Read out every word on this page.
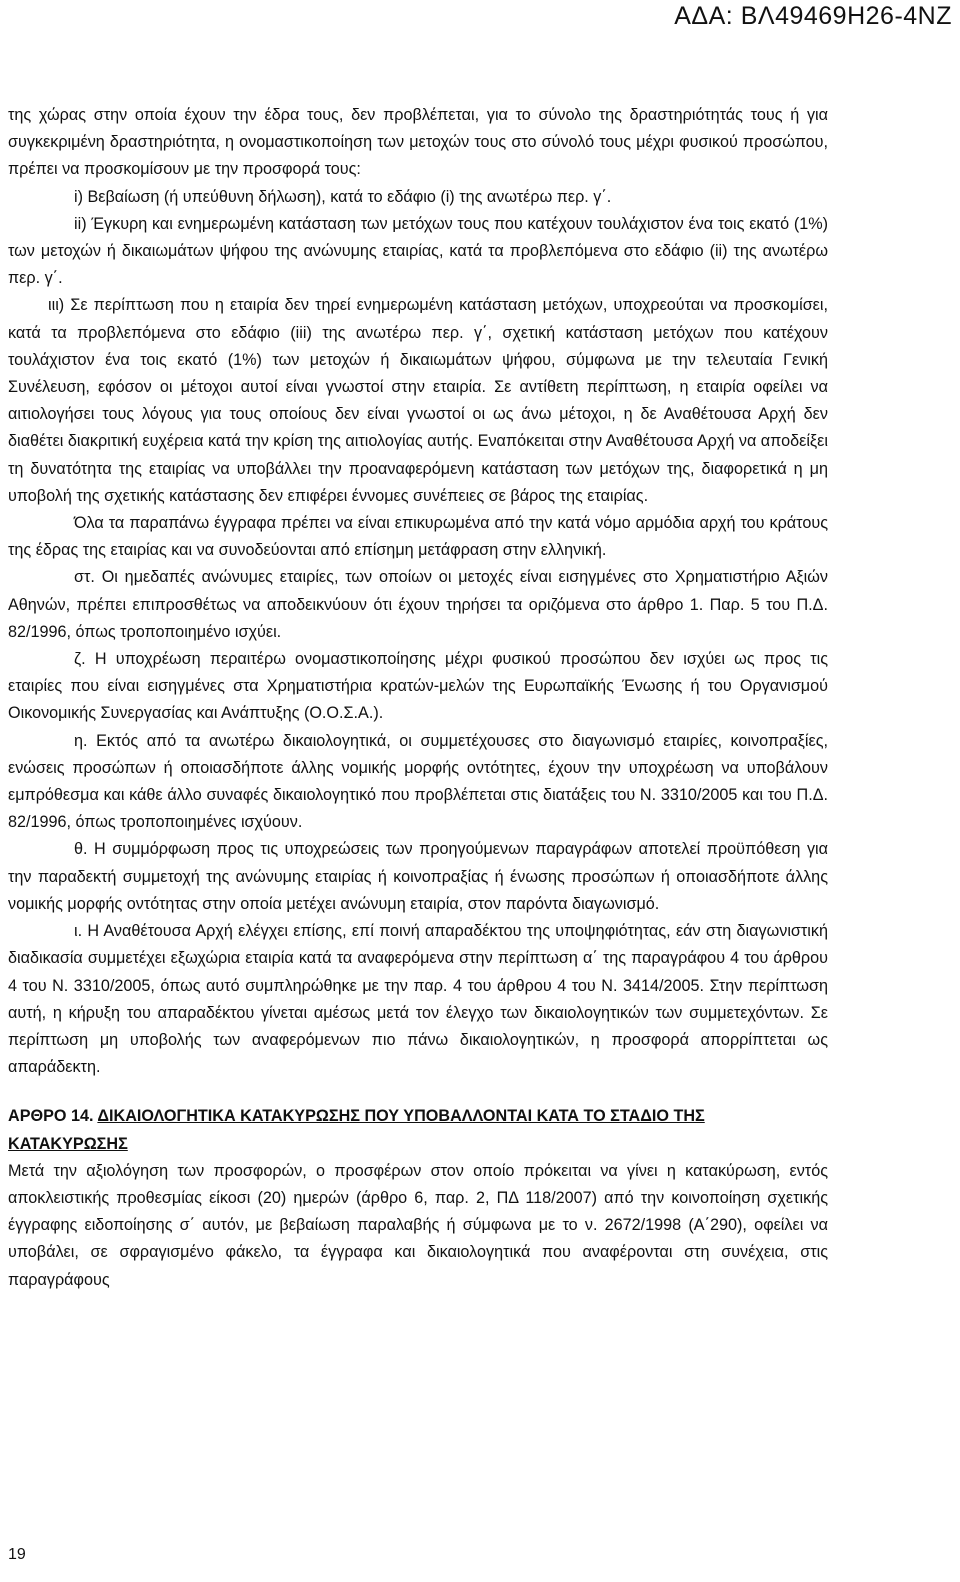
ΑΔΑ: ΒΛ49469Η26-4ΝΖ

της χώρας στην οποία έχουν την έδρα τους, δεν προβλέπεται, για το σύνολο της δραστηριότητάς τους ή για συγκεκριμένη δραστηριότητα, η ονομαστικοποίηση των μετοχών τους στο σύνολό τους μέχρι φυσικού προσώπου, πρέπει να προσκομίσουν με την προσφορά τους:

i) Βεβαίωση (ή υπεύθυνη δήλωση), κατά το εδάφιο (i) της ανωτέρω περ. γ΄.

ii) Έγκυρη και ενημερωμένη κατάσταση των μετόχων τους που κατέχουν τουλάχιστον ένα τοις εκατό (1%) των μετοχών ή δικαιωμάτων ψήφου της ανώνυμης εταιρίας, κατά τα προβλεπόμενα στο εδάφιο (ii) της ανωτέρω περ. γ΄.

ιιι) Σε περίπτωση που η εταιρία δεν τηρεί ενημερωμένη κατάσταση μετόχων, υποχρεούται να προσκομίσει, κατά τα προβλεπόμενα στο εδάφιο (iii) της ανωτέρω περ. γ΄, σχετική κατάσταση μετόχων που κατέχουν τουλάχιστον ένα τοις εκατό (1%) των μετοχών ή δικαιωμάτων ψήφου, σύμφωνα με την τελευταία Γενική Συνέλευση, εφόσον οι μέτοχοι αυτοί είναι γνωστοί στην εταιρία. Σε αντίθετη περίπτωση, η εταιρία οφείλει να αιτιολογήσει τους λόγους για τους οποίους δεν είναι γνωστοί οι ως άνω μέτοχοι, η δε Αναθέτουσα Αρχή δεν διαθέτει διακριτική ευχέρεια κατά την κρίση της αιτιολογίας αυτής. Εναπόκειται στην Αναθέτουσα Αρχή να αποδείξει τη δυνατότητα της εταιρίας να υποβάλλει την προαναφερόμενη κατάσταση των μετόχων της, διαφορετικά η μη υποβολή της σχετικής κατάστασης δεν επιφέρει έννομες συνέπειες σε βάρος της εταιρίας.

Όλα τα παραπάνω έγγραφα πρέπει να είναι επικυρωμένα από την κατά νόμο αρμόδια αρχή του κράτους της έδρας της εταιρίας και να συνοδεύονται από επίσημη μετάφραση στην ελληνική.

στ. Οι ημεδαπές ανώνυμες εταιρίες, των οποίων οι μετοχές είναι εισηγμένες στο Χρηματιστήριο Αξιών Αθηνών, πρέπει επιπροσθέτως να αποδεικνύουν ότι έχουν τηρήσει τα οριζόμενα στο άρθρο 1. Παρ. 5 του Π.Δ. 82/1996, όπως τροποποιημένο ισχύει.

ζ. Η υποχρέωση περαιτέρω ονομαστικοποίησης μέχρι φυσικού προσώπου δεν ισχύει ως προς τις εταιρίες που είναι εισηγμένες στα Χρηματιστήρια κρατών-μελών της Ευρωπαϊκής Ένωσης ή του Οργανισμού Οικονομικής Συνεργασίας και Ανάπτυξης (Ο.Ο.Σ.Α.).

η. Εκτός από τα ανωτέρω δικαιολογητικά, οι συμμετέχουσες στο διαγωνισμό εταιρίες, κοινοπραξίες, ενώσεις προσώπων ή οποιασδήποτε άλλης νομικής μορφής οντότητες, έχουν την υποχρέωση να υποβάλουν εμπρόθεσμα και κάθε άλλο συναφές δικαιολογητικό που προβλέπεται στις διατάξεις του Ν. 3310/2005 και του Π.Δ. 82/1996, όπως τροποποιημένες ισχύουν.

θ. Η συμμόρφωση προς τις υποχρεώσεις των προηγούμενων παραγράφων αποτελεί προϋπόθεση για την παραδεκτή συμμετοχή της ανώνυμης εταιρίας ή κοινοπραξίας ή ένωσης προσώπων ή οποιασδήποτε άλλης νομικής μορφής οντότητας στην οποία μετέχει ανώνυμη εταιρία, στον παρόντα διαγωνισμό.

ι. Η Αναθέτουσα Αρχή ελέγχει επίσης, επί ποινή απαραδέκτου της υποψηφιότητας, εάν στη διαγωνιστική διαδικασία συμμετέχει εξωχώρια εταιρία κατά τα αναφερόμενα στην περίπτωση α΄ της παραγράφου 4 του άρθρου 4 του Ν. 3310/2005, όπως αυτό συμπληρώθηκε με την παρ. 4 του άρθρου 4 του Ν. 3414/2005. Στην περίπτωση αυτή, η κήρυξη του απαραδέκτου γίνεται αμέσως μετά τον έλεγχο των δικαιολογητικών των συμμετεχόντων. Σε περίπτωση μη υποβολής των αναφερόμενων πιο πάνω δικαιολογητικών, η προσφορά απορρίπτεται ως απαράδεκτη.

ΑΡΘΡΟ 14. ΔΙΚΑΙΟΛΟΓΗΤΙΚΑ ΚΑΤΑΚΥΡΩΣΗΣ ΠΟΥ ΥΠΟΒΑΛΛΟΝΤΑΙ ΚΑΤΑ ΤΟ ΣΤΑΔΙΟ ΤΗΣ ΚΑΤΑΚΥΡΩΣΗΣ

Μετά την αξιολόγηση των προσφορών, ο προσφέρων στον οποίο πρόκειται να γίνει η κατακύρωση, εντός αποκλειστικής προθεσμίας είκοσι (20) ημερών (άρθρο 6, παρ. 2, ΠΔ 118/2007) από την κοινοποίηση σχετικής έγγραφης ειδοποίησης σ΄ αυτόν, με βεβαίωση παραλαβής ή σύμφωνα με το ν. 2672/1998 (Α΄290), οφείλει να υποβάλει, σε σφραγισμένο φάκελο, τα έγγραφα και δικαιολογητικά που αναφέρονται στη συνέχεια, στις παραγράφους

19
